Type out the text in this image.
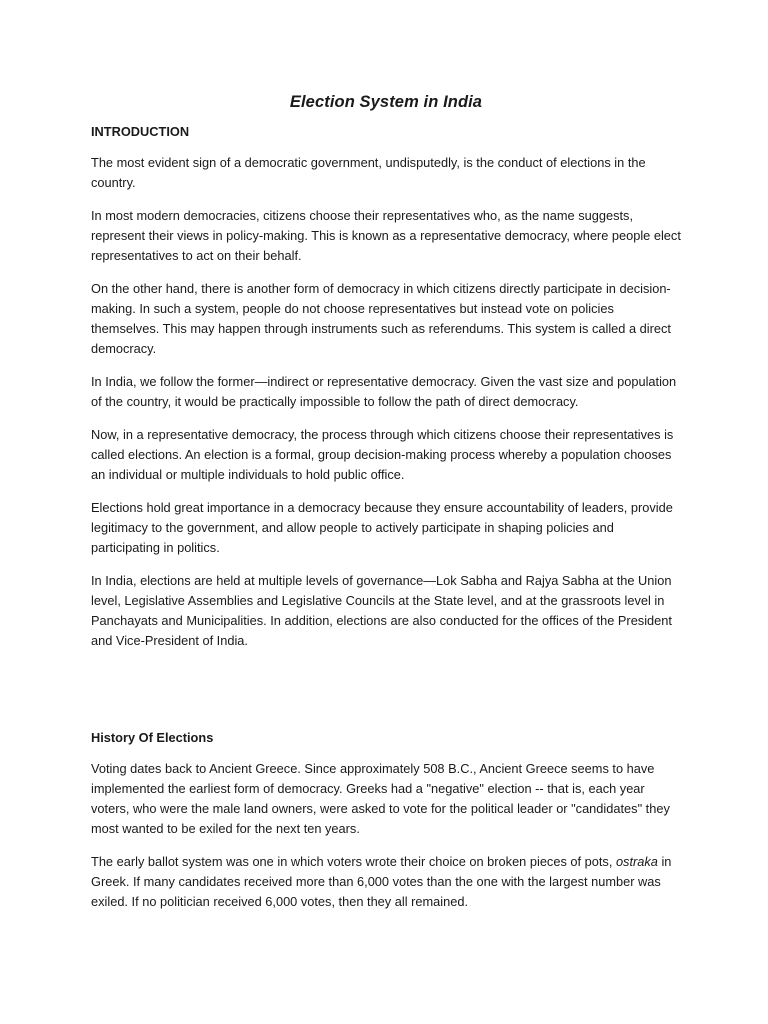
Election System in India
INTRODUCTION

The most evident sign of a democratic government, undisputedly, is the conduct of elections in the country.

In most modern democracies, citizens choose their representatives who, as the name suggests, represent their views in policy-making. This is known as a representative democracy, where people elect representatives to act on their behalf.

On the other hand, there is another form of democracy in which citizens directly participate in decision-making. In such a system, people do not choose representatives but instead vote on policies themselves. This may happen through instruments such as referendums. This system is called a direct democracy.

In India, we follow the former—indirect or representative democracy. Given the vast size and population of the country, it would be practically impossible to follow the path of direct democracy.

Now, in a representative democracy, the process through which citizens choose their representatives is called elections. An election is a formal, group decision-making process whereby a population chooses an individual or multiple individuals to hold public office.

Elections hold great importance in a democracy because they ensure accountability of leaders, provide legitimacy to the government, and allow people to actively participate in shaping policies and participating in politics.

In India, elections are held at multiple levels of governance—Lok Sabha and Rajya Sabha at the Union level, Legislative Assemblies and Legislative Councils at the State level, and at the grassroots level in Panchayats and Municipalities. In addition, elections are also conducted for the offices of the President and Vice-President of India.

History Of Elections

Voting dates back to Ancient Greece. Since approximately 508 B.C., Ancient Greece seems to have implemented the earliest form of democracy. Greeks had a "negative" election -- that is, each year voters, who were the male land owners, were asked to vote for the political leader or "candidates" they most wanted to be exiled for the next ten years.

The early ballot system was one in which voters wrote their choice on broken pieces of pots, ostraka in Greek. If many candidates received more than 6,000 votes than the one with the largest number was exiled. If no politician received 6,000 votes, then they all remained.
